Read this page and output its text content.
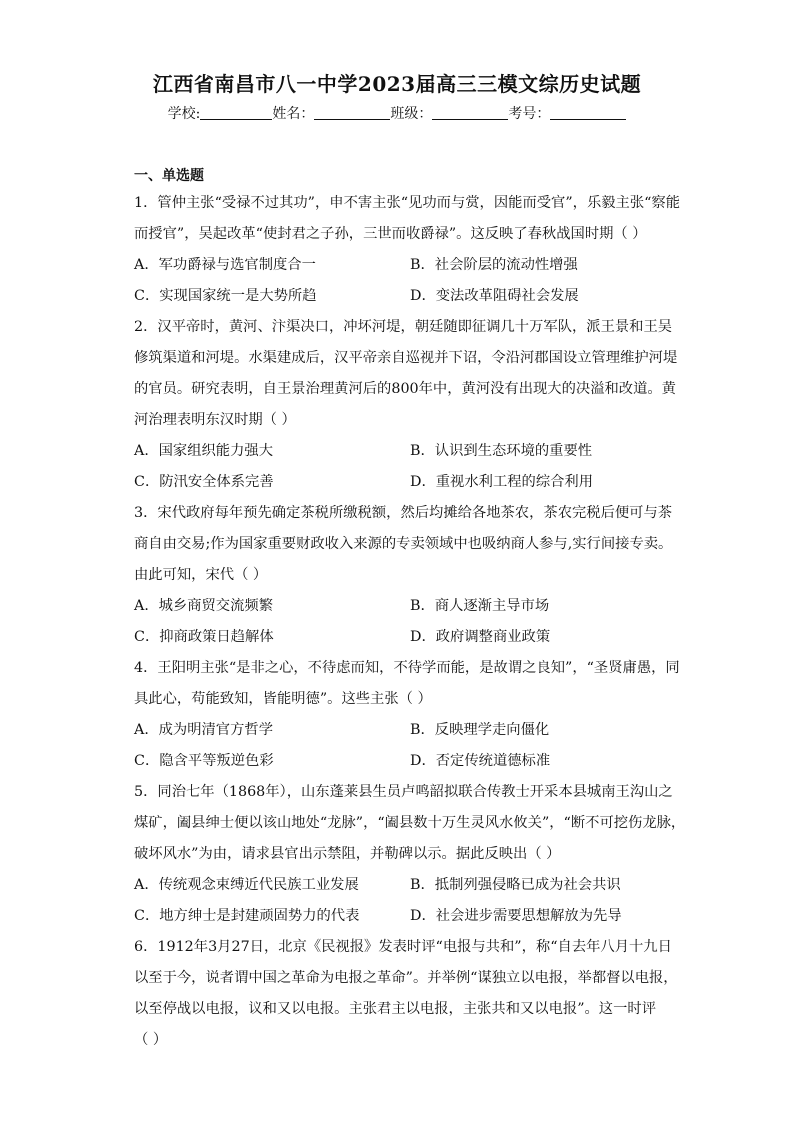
江西省南昌市八一中学2023届高三三模文综历史试题
学校:	姓名：	班级：	考号：
一、单选题
1．管仲主张“受禄不过其功”，申不害主张“见功而与赏，因能而受官”，乐毅主张“察能
而授官”，吴起改革“使封君之子孙，三世而收爵禄”。这反映了春秋战国时期（ ）
A．军功爵禄与选官制度合一	B．社会阶层的流动性增强
C．实现国家统一是大势所趋	D．变法改革阻碍社会发展
2．汉平帝时，黄河、汴渠决口，冲坏河堤，朝廷随即征调几十万军队，派王景和王吴
修筑渠道和河堤。水渠建成后，汉平帝亲自巡视并下诏，令沿河郡国设立管理维护河堤
的官员。研究表明，自王景治理黄河后的800年中，黄河没有出现大的决溢和改道。黄
河治理表明东汉时期（ ）
A．国家组织能力强大	B．认识到生态环境的重要性
C．防汛安全体系完善	D．重视水利工程的综合利用
3．宋代政府每年预先确定茶税所缴税额，然后均摊给各地茶农，茶农完税后便可与茶
商自由交易;作为国家重要财政收入来源的专卖领域中也吸纳商人参与,实行间接专卖。
由此可知，宋代（ ）
A．城乡商贸交流频繁	B．商人逐渐主导市场
C．抑商政策日趋解体	D．政府调整商业政策
4．王阳明主张“是非之心，不待虑而知，不待学而能，是故谓之良知”，“圣贤庸愚，同
具此心，苟能致知，皆能明德”。这些主张（ ）
A．成为明清官方哲学	B．反映理学走向僵化
C．隐含平等叛逆色彩	D．否定传统道德标准
5．同治七年（1868年），山东蓬莱县生员卢鸣韶拟联合传教士开采本县城南王沟山之
煤矿，阖县绅士便以该山地处“龙脉”，“阖县数十万生灵风水攸关”，“断不可挖伤龙脉，
破坏风水”为由，请求县官出示禁阻，并勒碑以示。据此反映出（ ）
A．传统观念束缚近代民族工业发展	B．抵制列强侵略已成为社会共识
C．地方绅士是封建顽固势力的代表	D．社会进步需要思想解放为先导
6．1912年3月27日，北京《民视报》发表时评“电报与共和”，称“自去年八月十九日
以至于今，说者谓中国之革命为电报之革命”。并举例“谋独立以电报，举都督以电报，
以至停战以电报，议和又以电报。主张君主以电报，主张共和又以电报”。这一时评
（ ）
